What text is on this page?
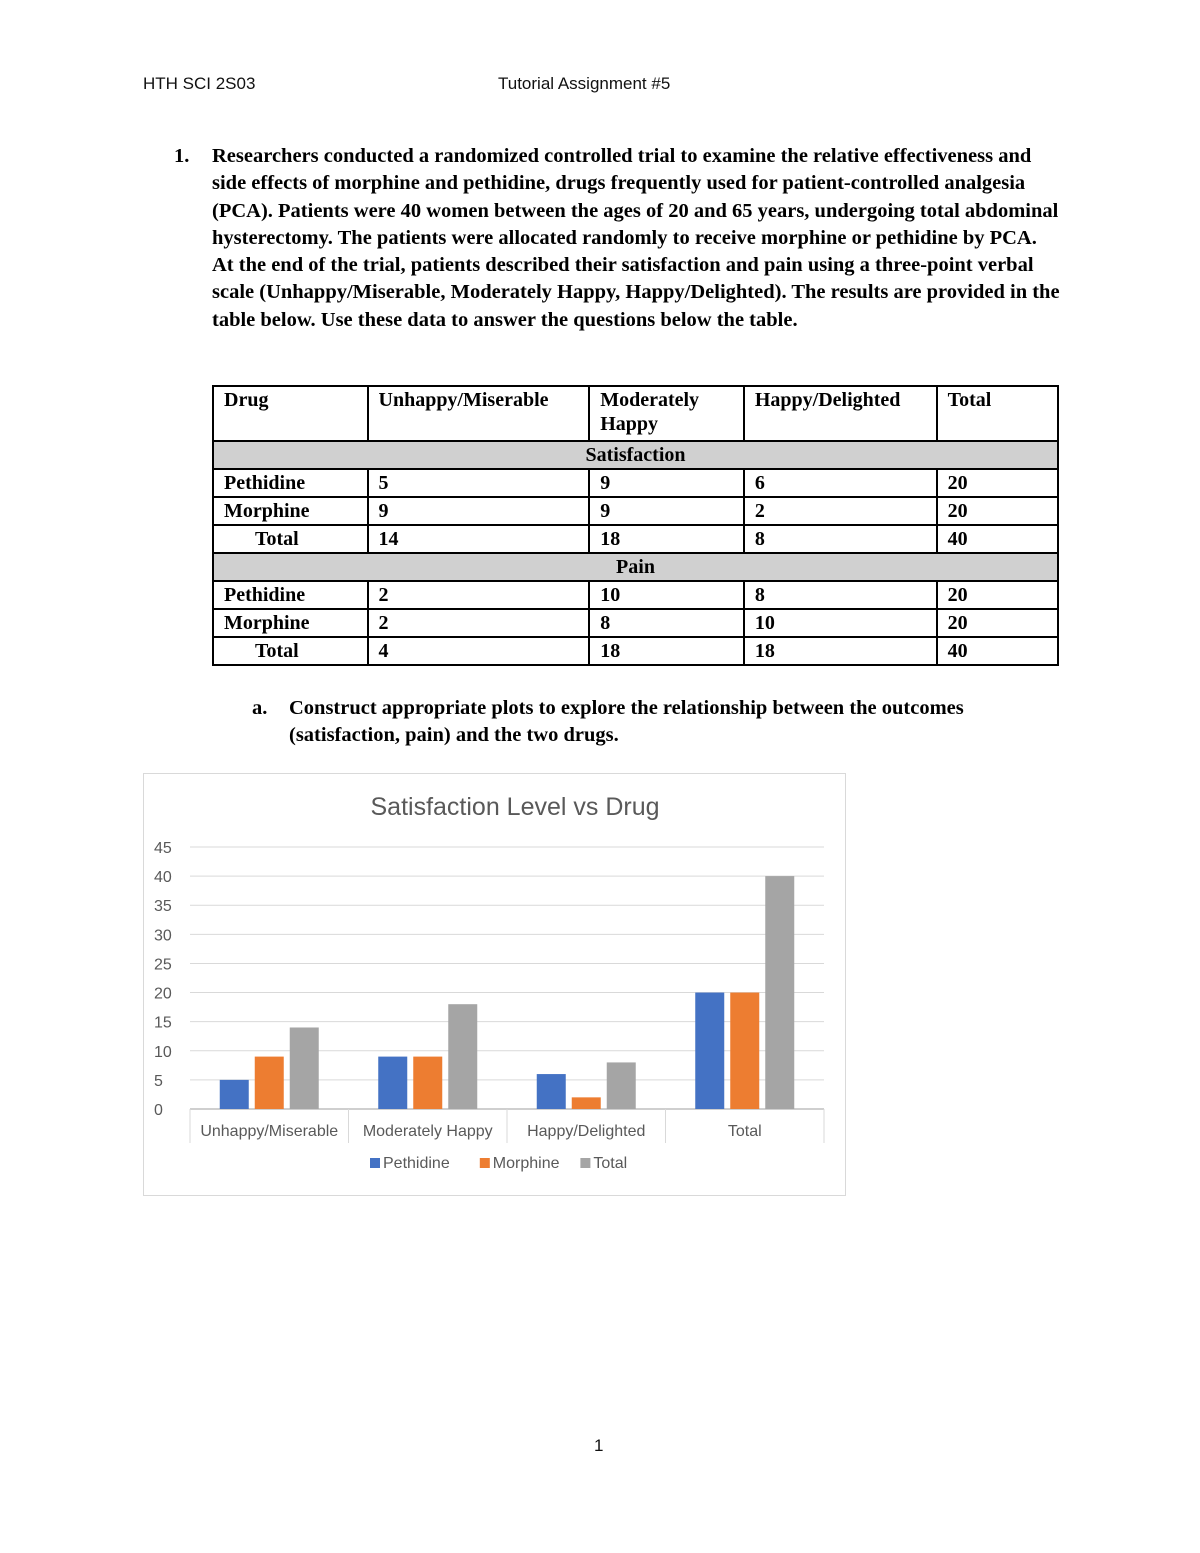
HTH SCI 2S03	Tutorial Assignment #5
1. Researchers conducted a randomized controlled trial to examine the relative effectiveness and side effects of morphine and pethidine, drugs frequently used for patient-controlled analgesia (PCA). Patients were 40 women between the ages of 20 and 65 years, undergoing total abdominal hysterectomy. The patients were allocated randomly to receive morphine or pethidine by PCA. At the end of the trial, patients described their satisfaction and pain using a three-point verbal scale (Unhappy/Miserable, Moderately Happy, Happy/Delighted). The results are provided in the table below. Use these data to answer the questions below the table.
Drug	Unhappy/Miserable	Moderately Happy	Happy/Delighted	Total
Satisfaction				
Pethidine	5	9	6	20
Morphine	9	9	2	20
Total	14	18	8	40
Pain				
Pethidine	2	10	8	20
Morphine	2	8	10	20
Total	4	18	18	40
a. Construct appropriate plots to explore the relationship between the outcomes (satisfaction, pain) and the two drugs.
Satisfaction Level vs Drug
0
5
10
15
20
25
30
35
40
45
Unhappy/Miserable Moderately Happy Happy/Delighted	Total
Pethidine	Morphine Total
1
